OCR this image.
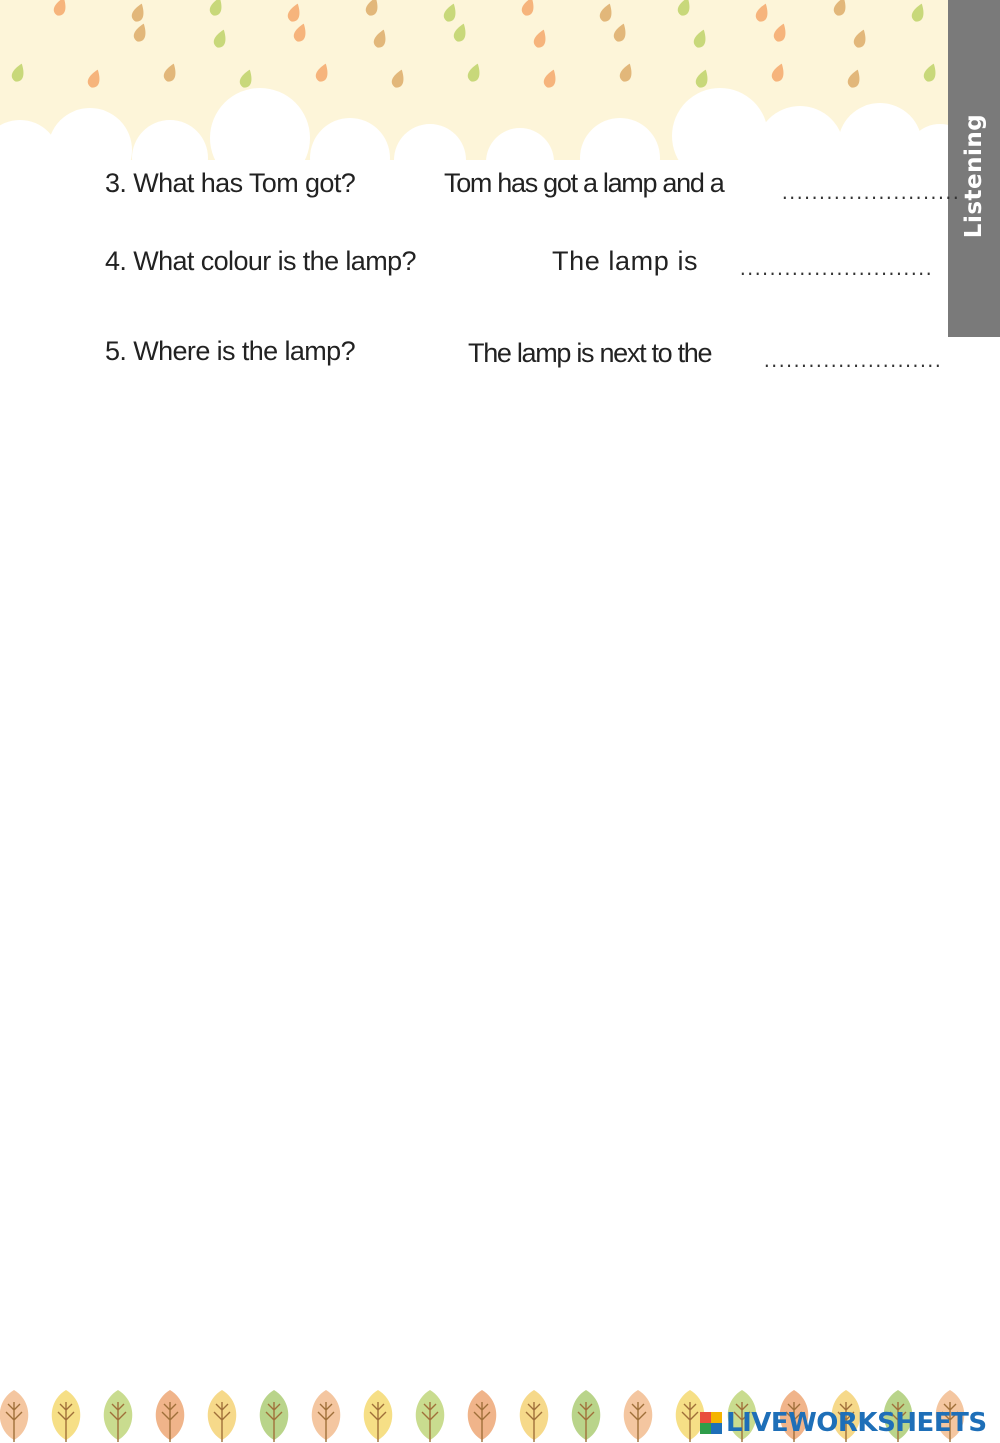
Listening
3. What has Tom got?	Tom has got a lamp and a	........................
4. What colour is the lamp?	The lamp is ..........................
5. Where is the lamp?	The lamp is next to the	........................
LIVEWORKSHEETS
